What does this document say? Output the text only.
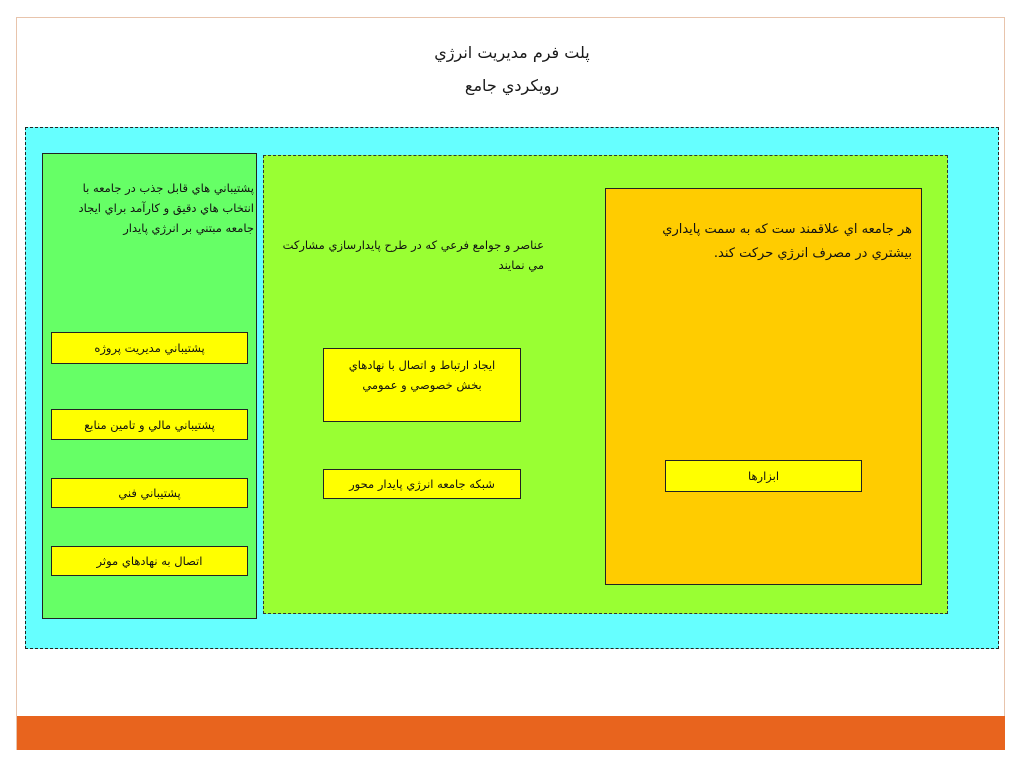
پلت فرم مديريت انرژي
رويکردي جامع
پشتيباني هاي قابل جذب در جامعه با انتخاب هاي دقيق و کارآمد براي ايجاد جامعه مبتني بر انرژي پايدار
عناصر و جوامع فرعي که در طرح پايدارسازي مشارکت مي نمايند
هر جامعه اي علاقمند ست که به سمت پايداري بيشتري در مصرف انرژي حرکت کند.
پشتيباني مديريت پروژه
پشتيباني مالي و تامين منابع
پشتيباني فني
اتصال به نهادهاي موثر
ايجاد ارتباط و اتصال با نهادهاي بخش خصوصي و عمومي
شبکه جامعه انرژي پايدار محور
ابزارها
